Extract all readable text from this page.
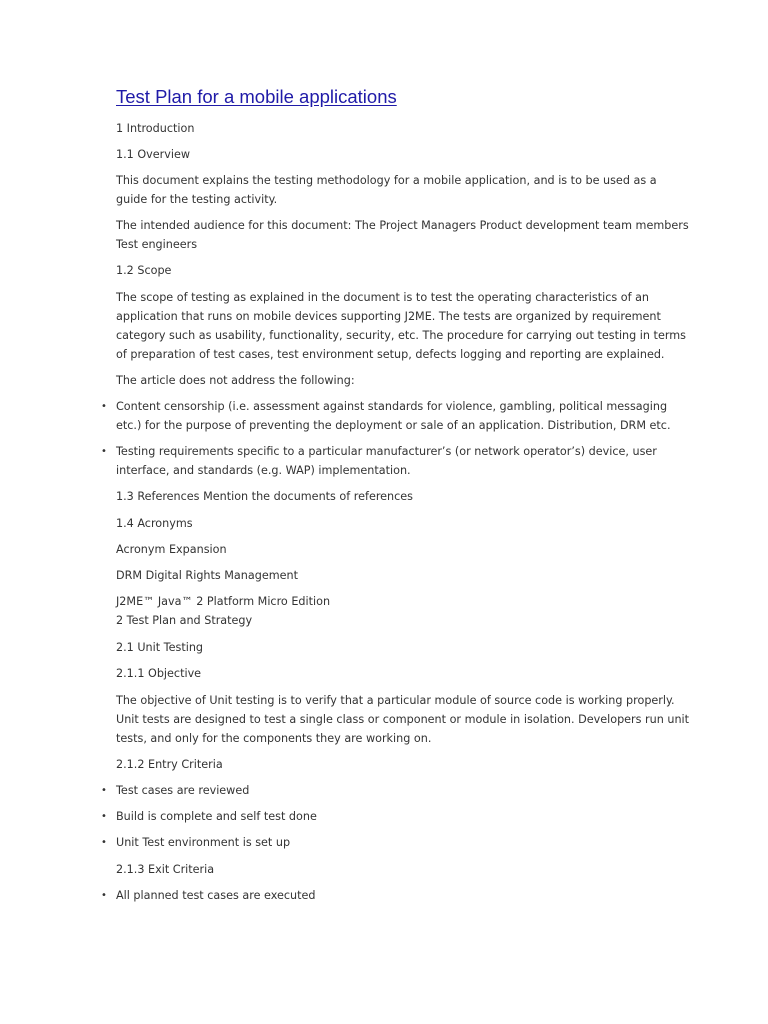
Test Plan for a mobile applications

1 Introduction

1.1 Overview

This document explains the testing methodology for a mobile application, and is to be used as a

guide for the testing activity.

The intended audience for this document: The Project Managers Product development team members

Test engineers

1.2 Scope

The scope of testing as explained in the document is to test the operating characteristics of an

application that runs on mobile devices supporting J2ME. The tests are organized by requirement

category such as usability, functionality, security, etc. The procedure for carrying out testing in terms

of preparation of test cases, test environment setup, defects logging and reporting are explained.

The article does not address the following:

• Content censorship (i.e. assessment against standards for violence, gambling, political messaging

etc.) for the purpose of preventing the deployment or sale of an application. Distribution, DRM etc.

• Testing requirements specific to a particular manufacturer’s (or network operator’s) device, user

interface, and standards (e.g. WAP) implementation.

1.3 References Mention the documents of references

1.4 Acronyms

Acronym Expansion

DRM Digital Rights Management

J2ME™ Java™ 2 Platform Micro Edition

2 Test Plan and Strategy

2.1 Unit Testing

2.1.1 Objective

The objective of Unit testing is to verify that a particular module of source code is working properly.

Unit tests are designed to test a single class or component or module in isolation. Developers run unit

tests, and only for the components they are working on.

2.1.2 Entry Criteria

• Test cases are reviewed

• Build is complete and self test done

• Unit Test environment is set up

2.1.3 Exit Criteria

• All planned test cases are executed
